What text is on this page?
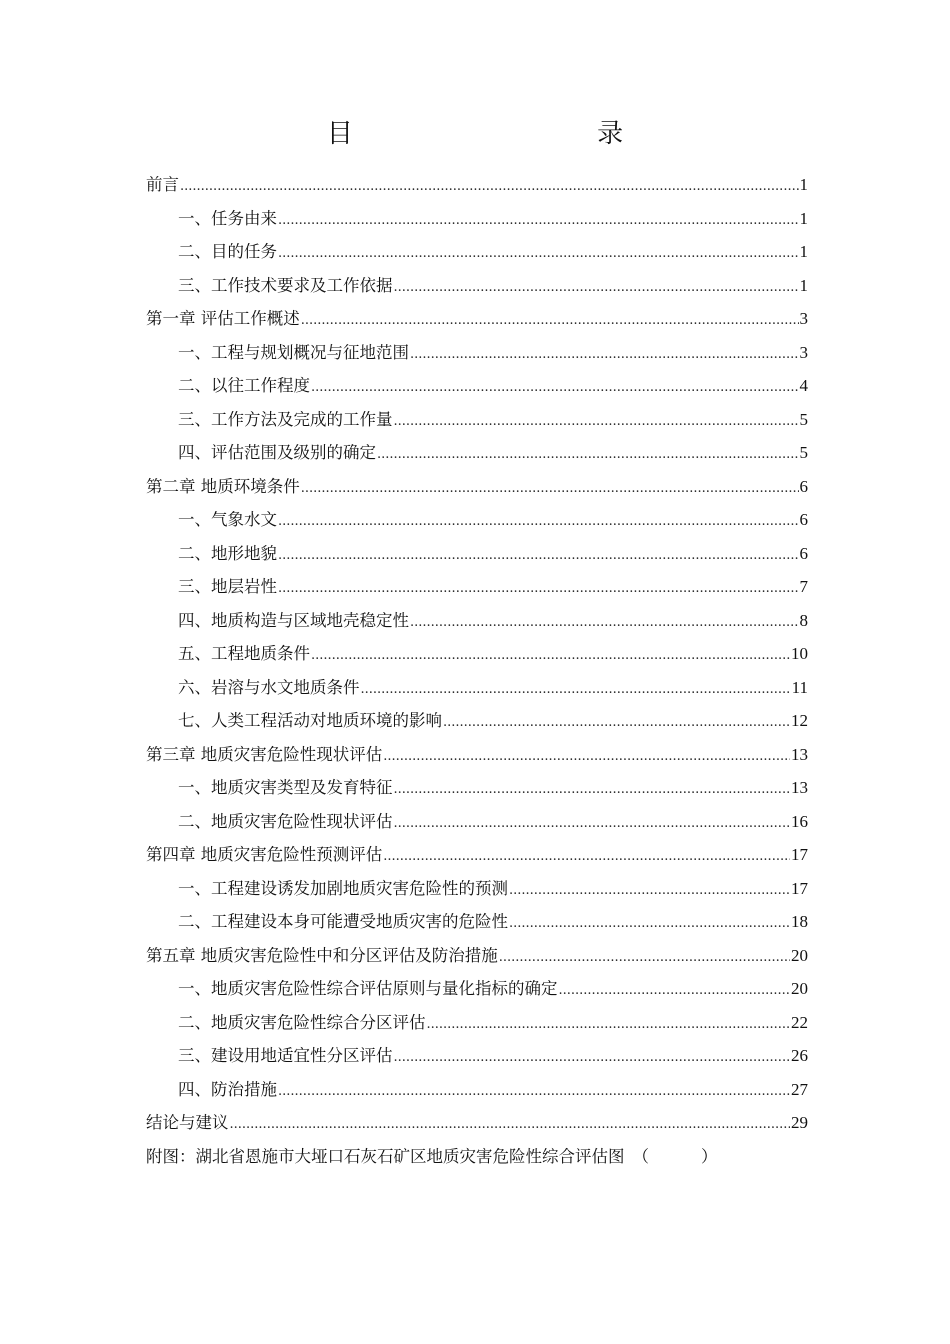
目 录
前言 .....	1
一、任务由来 .....	1
二、目的任务 .....	1
三、工作技术要求及工作依据 .....	1
第一章 评估工作概述 .....	3
一、工程与规划概况与征地范围 .....	3
二、以往工作程度 .....	4
三、工作方法及完成的工作量 .....	5
四、评估范围及级别的确定 .....	5
第二章 地质环境条件 .....	6
一、气象水文 .....	6
二、地形地貌 .....	6
三、地层岩性 .....	7
四、地质构造与区域地壳稳定性 .....	8
五、工程地质条件 .....	10
六、岩溶与水文地质条件 .....	11
七、人类工程活动对地质环境的影响 .....	12
第三章 地质灾害危险性现状评估 .....	13
一、地质灾害类型及发育特征 .....	13
二、地质灾害危险性现状评估 .....	16
第四章 地质灾害危险性预测评估 .....	17
一、工程建设诱发加剧地质灾害危险性的预测 .....	17
二、工程建设本身可能遭受地质灾害的危险性 .....	18
第五章 地质灾害危险性中和分区评估及防治措施 .....	20
一、地质灾害危险性综合评估原则与量化指标的确定 .....	20
二、地质灾害危险性综合分区评估 .....	22
三、建设用地适宜性分区评估 .....	26
四、防治措施 .....	27
结论与建议 .....	29
附图：湖北省恩施市大垭口石灰石矿区地质灾害危险性综合评估图 （	）
